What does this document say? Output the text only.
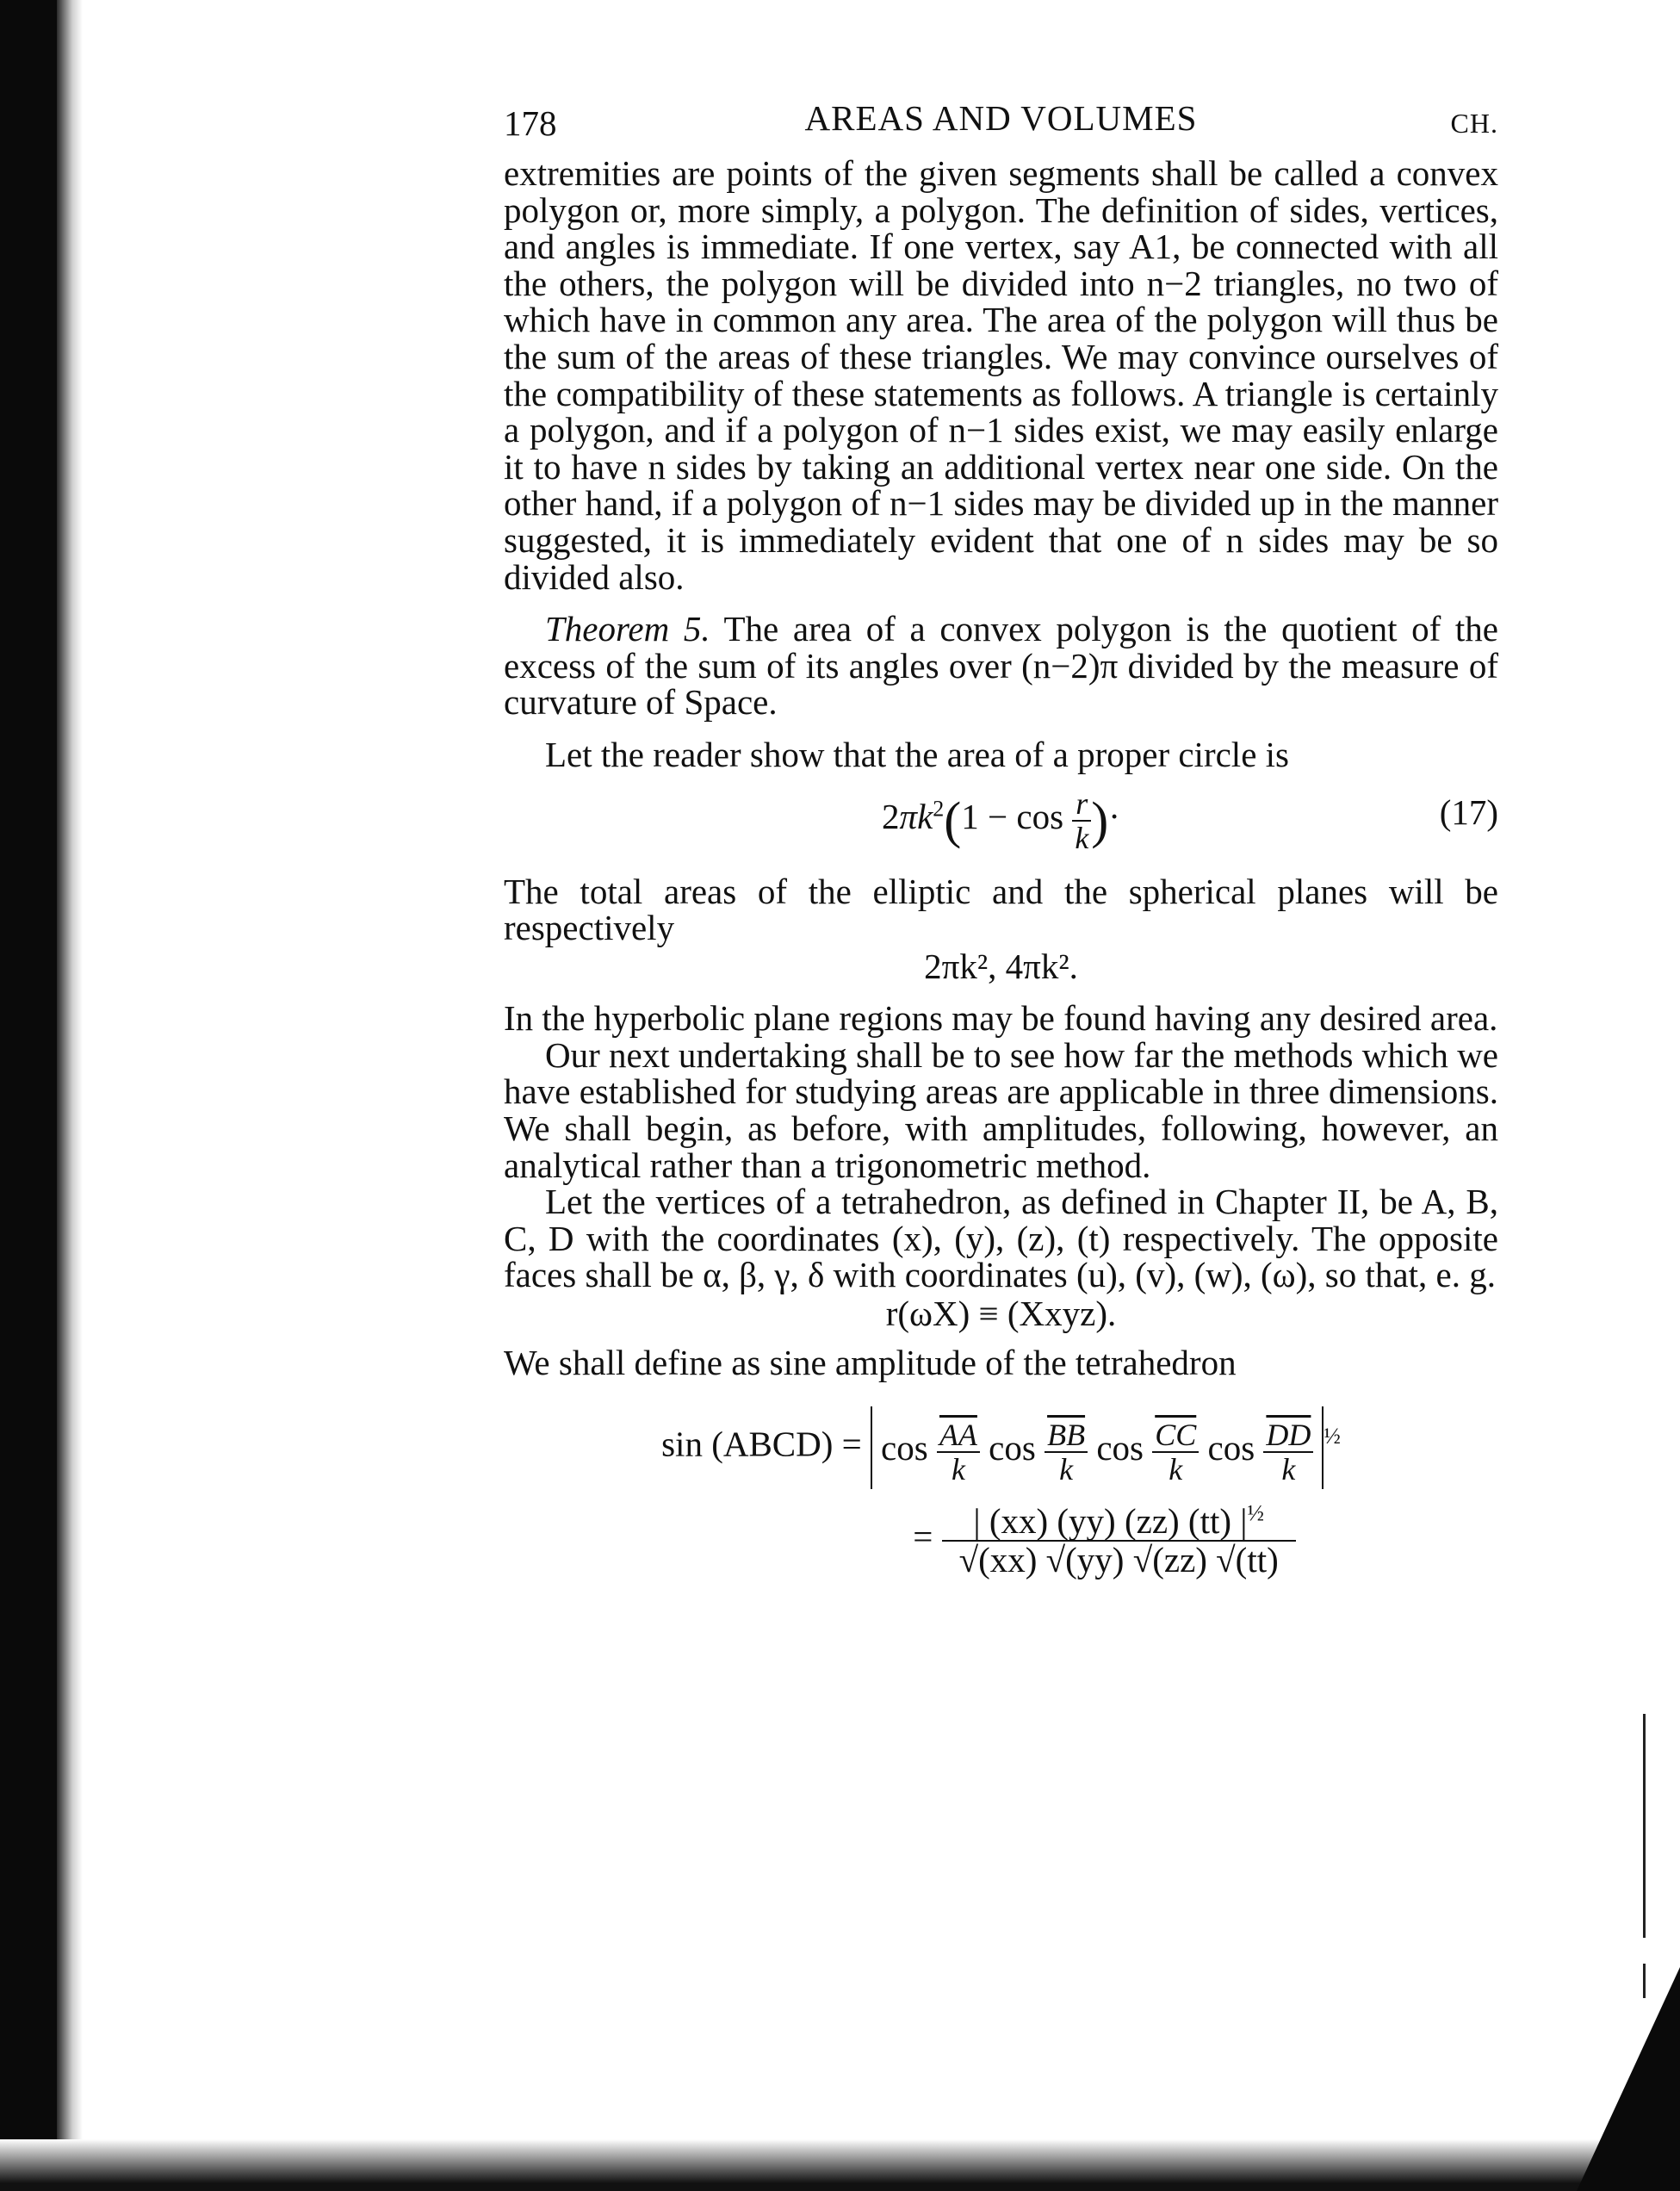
178	AREAS AND VOLUMES	CH.

extremities are points of the given segments shall be called a convex polygon or, more simply, a polygon. The definition of sides, vertices, and angles is immediate. If one vertex, say A1, be connected with all the others, the polygon will be divided into n−2 triangles, no two of which have in common any area. The area of the polygon will thus be the sum of the areas of these triangles. We may convince ourselves of the compatibility of these statements as follows. A triangle is certainly a polygon, and if a polygon of n−1 sides exist, we may easily enlarge it to have n sides by taking an additional vertex near one side. On the other hand, if a polygon of n−1 sides may be divided up in the manner suggested, it is immediately evident that one of n sides may be so divided also.

Theorem 5. The area of a convex polygon is the quotient of the excess of the sum of its angles over (n−2)π divided by the measure of curvature of Space.

Let the reader show that the area of a proper circle is

$2\pi k^2(1 - \cos \frac{r}{k}$ )·	(17)

The total areas of the elliptic and the spherical planes will be respectively

2πk², 4πk².

In the hyperbolic plane regions may be found having any desired area.

Our next undertaking shall be to see how far the methods which we have established for studying areas are applicable in three dimensions. We shall begin, as before, with amplitudes, following, however, an analytical rather than a trigonometric method.

Let the vertices of a tetrahedron, as defined in Chapter II, be A, B, C, D with the coordinates (x), (y), (z), (t) respectively. The opposite faces shall be α, β, γ, δ with coordinates (u), (v), (w), (ω), so that, e. g.

r(ωX) ≡ (Xxyz).

We shall define as sine amplitude of the tetrahedron

sin (ABCD) = $\cos \frac{\overline{AA}}{k}$ $\cos \frac{\overline{BB}}{k}$ $\cos \frac{\overline{CC}}{k}$ $\cos \frac{\overline{DD}}{k} ^{\frac{1}{2}}$
= $\frac{| (xx) (yy) (zz) (tt) |^{\frac{1}{2}}}{√(xx) √(yy) √(zz) √(tt)}$
